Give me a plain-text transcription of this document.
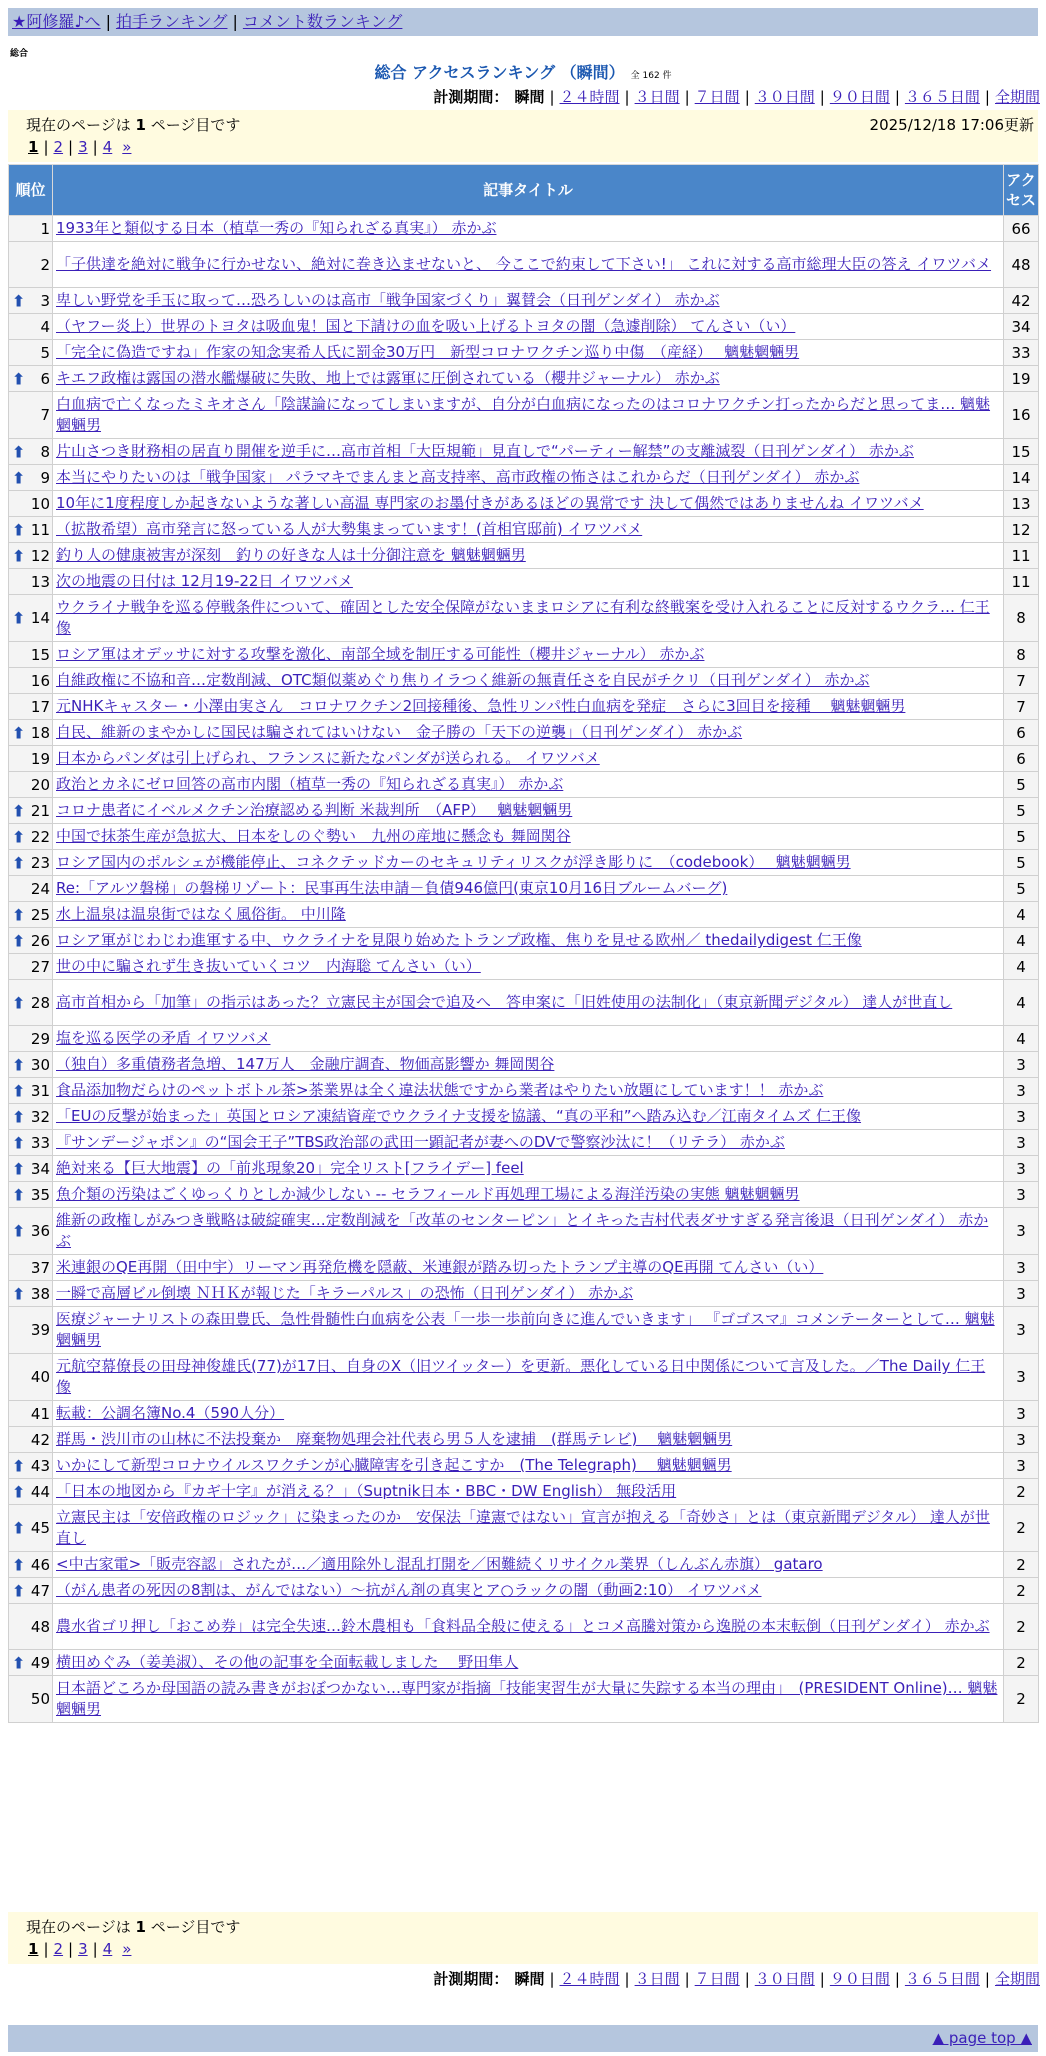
★阿修羅♪へ | 拍手ランキング | コメント数ランキング
総合
総合 アクセスランキング （瞬間） 全 162 件
計測期間： 瞬間 | ２４時間 | ３日間 | ７日間 | ３０日間 | ９０日間 | ３６５日間 | 全期間
現在のページは 1 ページ目です	2025/12/18 17:06更新
1 | 2 | 3 | 4 »
順位	記事タイトル	アクセス
1	1933年と類似する日本（植草一秀の『知られざる真実』） 赤かぶ	66
2	「子供達を絶対に戦争に行かせない、絶対に巻き込ませないと、 今ここで約束して下さい!」 これに対する高市総理大臣の答え イワツバメ	48

⬆ 3	卑しい野党を手玉に取って…恐ろしいのは高市「戦争国家づくり」翼賛会（日刊ゲンダイ） 赤かぶ	42
4	（ヤフー炎上）世界のトヨタは吸血鬼！国と下請けの血を吸い上げるトヨタの闇（急遽削除） てんさい（い）	34
5	「完全に偽造ですね」作家の知念実希人氏に罰金30万円　新型コロナワクチン巡り中傷　（産経）　 魑魅魍魎男	33

⬆ 6	キエフ政権は露国の潜水艦爆破に失敗、地上では露軍に圧倒されている（櫻井ジャーナル） 赤かぶ	19
7	白血病で亡くなったミキオさん「陰謀論になってしまいますが、自分が白血病になったのはコロナワクチン打ったからだと思ってま… 魑魅魍魎男	16

⬆ 8	片山さつき財務相の居直り開催を逆手に…高市首相「大臣規範」見直しで“パーティー解禁”の支離滅裂（日刊ゲンダイ） 赤かぶ	15

⬆ 9	本当にやりたいのは「戦争国家」 パラマキでまんまと高支持率、高市政権の怖さはこれからだ（日刊ゲンダイ） 赤かぶ	14
10	10年に1度程度しか起きないような著しい高温 専門家のお墨付きがあるほどの異常です 決して偶然ではありませんね イワツバメ	13

⬆ 11	（拡散希望）高市発言に怒っている人が大勢集まっています！(首相官邸前) イワツバメ	12

⬆ 12	釣り人の健康被害が深刻　釣りの好きな人は十分御注意を 魑魅魍魎男	11
13	次の地震の日付は 12月19-22日 イワツバメ	11

⬆ 14	ウクライナ戦争を巡る停戦条件について、確固とした安全保障がないままロシアに有利な終戦案を受け入れることに反対するウクラ… 仁王像	8
15	ロシア軍はオデッサに対する攻撃を激化、南部全域を制圧する可能性（櫻井ジャーナル） 赤かぶ	8
16	自維政権に不協和音…定数削減、OTC類似薬めぐり焦りイラつく維新の無責任さを自民がチクリ（日刊ゲンダイ） 赤かぶ	7
17	元NHKキャスター・小澤由実さん　コロナワクチン2回接種後、急性リンパ性白血病を発症　さらに3回目を接種　 魑魅魍魎男	7

⬆ 18	自民、維新のまやかしに国民は騙されてはいけない　金子勝の「天下の逆襲」（日刊ゲンダイ） 赤かぶ	6
19	日本からパンダは引上げられ、フランスに新たなパンダが送られる。 イワツバメ	6
20	政治とカネにゼロ回答の高市内閣（植草一秀の『知られざる真実』） 赤かぶ	5

⬆ 21	コロナ患者にイベルメクチン治療認める判断 米裁判所　（AFP）　 魑魅魍魎男	5

⬆ 22	中国で抹茶生産が急拡大、日本をしのぐ勢い　九州の産地に懸念も 舞岡関谷	5

⬆ 23	ロシア国内のポルシェが機能停止、コネクテッドカーのセキュリティリスクが浮き彫りに　（codebook）　 魑魅魍魎男	5
24	Re:「アルツ磐梯」の磐梯リゾート：民事再生法申請－負債946億円(東京10月16日ブルームバーグ)	5

⬆ 25	水上温泉は温泉街ではなく風俗街。 中川隆	4

⬆ 26	ロシア軍がじわじわ進軍する中、ウクライナを見限り始めたトランプ政権、焦りを見せる欧州／ thedailydigest 仁王像	4
27	世の中に騙されず生き抜いていくコツ　内海聡 てんさい（い）	4

⬆ 28	高市首相から「加筆」の指示はあった？立憲民主が国会で追及へ　答申案に「旧姓使用の法制化」（東京新聞デジタル） 達人が世直し	4
29	塩を巡る医学の矛盾 イワツバメ	4

⬆ 30	（独自）多重債務者急増、147万人　金融庁調査、物価高影響か 舞岡関谷	3

⬆ 31	食品添加物だらけのペットボトル茶>茶業界は全く違法状態ですから業者はやりたい放題にしています！！ 赤かぶ	3

⬆ 32	「EUの反撃が始まった」英国とロシア凍結資産でウクライナ支援を協議、“真の平和”へ踏み込む／江南タイムズ 仁王像	3

⬆ 33	『サンデージャポン』の“国会王子”TBS政治部の武田一顕記者が妻へのDVで警察沙汰に！（リテラ） 赤かぶ	3

⬆ 34	絶対来る【巨大地震】の「前兆現象20」完全リスト[フライデー] feel	3

⬆ 35	魚介類の汚染はごくゆっくりとしか減少しない -- セラフィールド再処理工場による海洋汚染の実態 魑魅魍魎男	3

⬆ 36	維新の政権しがみつき戦略は破綻確実…定数削減を「改革のセンターピン」とイキった吉村代表ダサすぎる発言後退（日刊ゲンダイ） 赤かぶ	3
37	米連銀のQE再開（田中宇）リーマン再発危機を隠蔽、米連銀が踏み切ったトランプ主導のQE再開 てんさい（い）	3

⬆ 38	一瞬で高層ビル倒壊 ＮＨＫが報じた「キラーパルス」の恐怖（日刊ゲンダイ） 赤かぶ	3
39	医療ジャーナリストの森田豊氏、急性骨髄性白血病を公表「一歩一歩前向きに進んでいきます」 『ゴゴスマ』コメンテーターとして… 魑魅魍魎男	3
40	元航空幕僚長の田母神俊雄氏(77)が17日、自身のX（旧ツイッター）を更新。悪化している日中関係について言及した。／The Daily 仁王像	3
41	転載：公調名簿No.4（590人分）	3
42	群馬・渋川市の山林に不法投棄か　廃棄物処理会社代表ら男５人を逮捕　(群馬テレビ)　 魑魅魍魎男	3

⬆ 43	いかにして新型コロナウイルスワクチンが心臓障害を引き起こすか　(The Telegraph)　 魑魅魍魎男	3

⬆ 44	「日本の地図から『カギ十字』が消える？」（Suptnik日本・BBC・DW English） 無段活用	2

⬆ 45	立憲民主は「安倍政権のロジック」に染まったのか　安保法「違憲ではない」宣言が抱える「奇妙さ」とは（東京新聞デジタル） 達人が世直し	2

⬆ 46	<中古家電>「販売容認」されたが…／適用除外し混乱打開を／困難続くリサイクル業界（しんぶん赤旗） gataro	2

⬆ 47	（がん患者の死因の8割は、がんではない）～抗がん剤の真実とア○ラックの闇（動画2:10） イワツバメ	2
48	農水省ゴリ押し「おこめ券」は完全失速…鈴木農相も「食料品全般に使える」とコメ高騰対策から逸脱の本末転倒（日刊ゲンダイ） 赤かぶ	2

⬆ 49	横田めぐみ（姜美淑）、その他の記事を全面転載しました　 野田隼人	2
50	日本語どころか母国語の読み書きがおぼつかない…専門家が指摘「技能実習生が大量に失踪する本当の理由」　(PRESIDENT Online)… 魑魅魍魎男	2
現在のページは 1 ページ目です
1 | 2 | 3 | 4 »
計測期間： 瞬間 | ２４時間 | ３日間 | ７日間 | ３０日間 | ９０日間 | ３６５日間 | 全期間
▲ page top ▲
